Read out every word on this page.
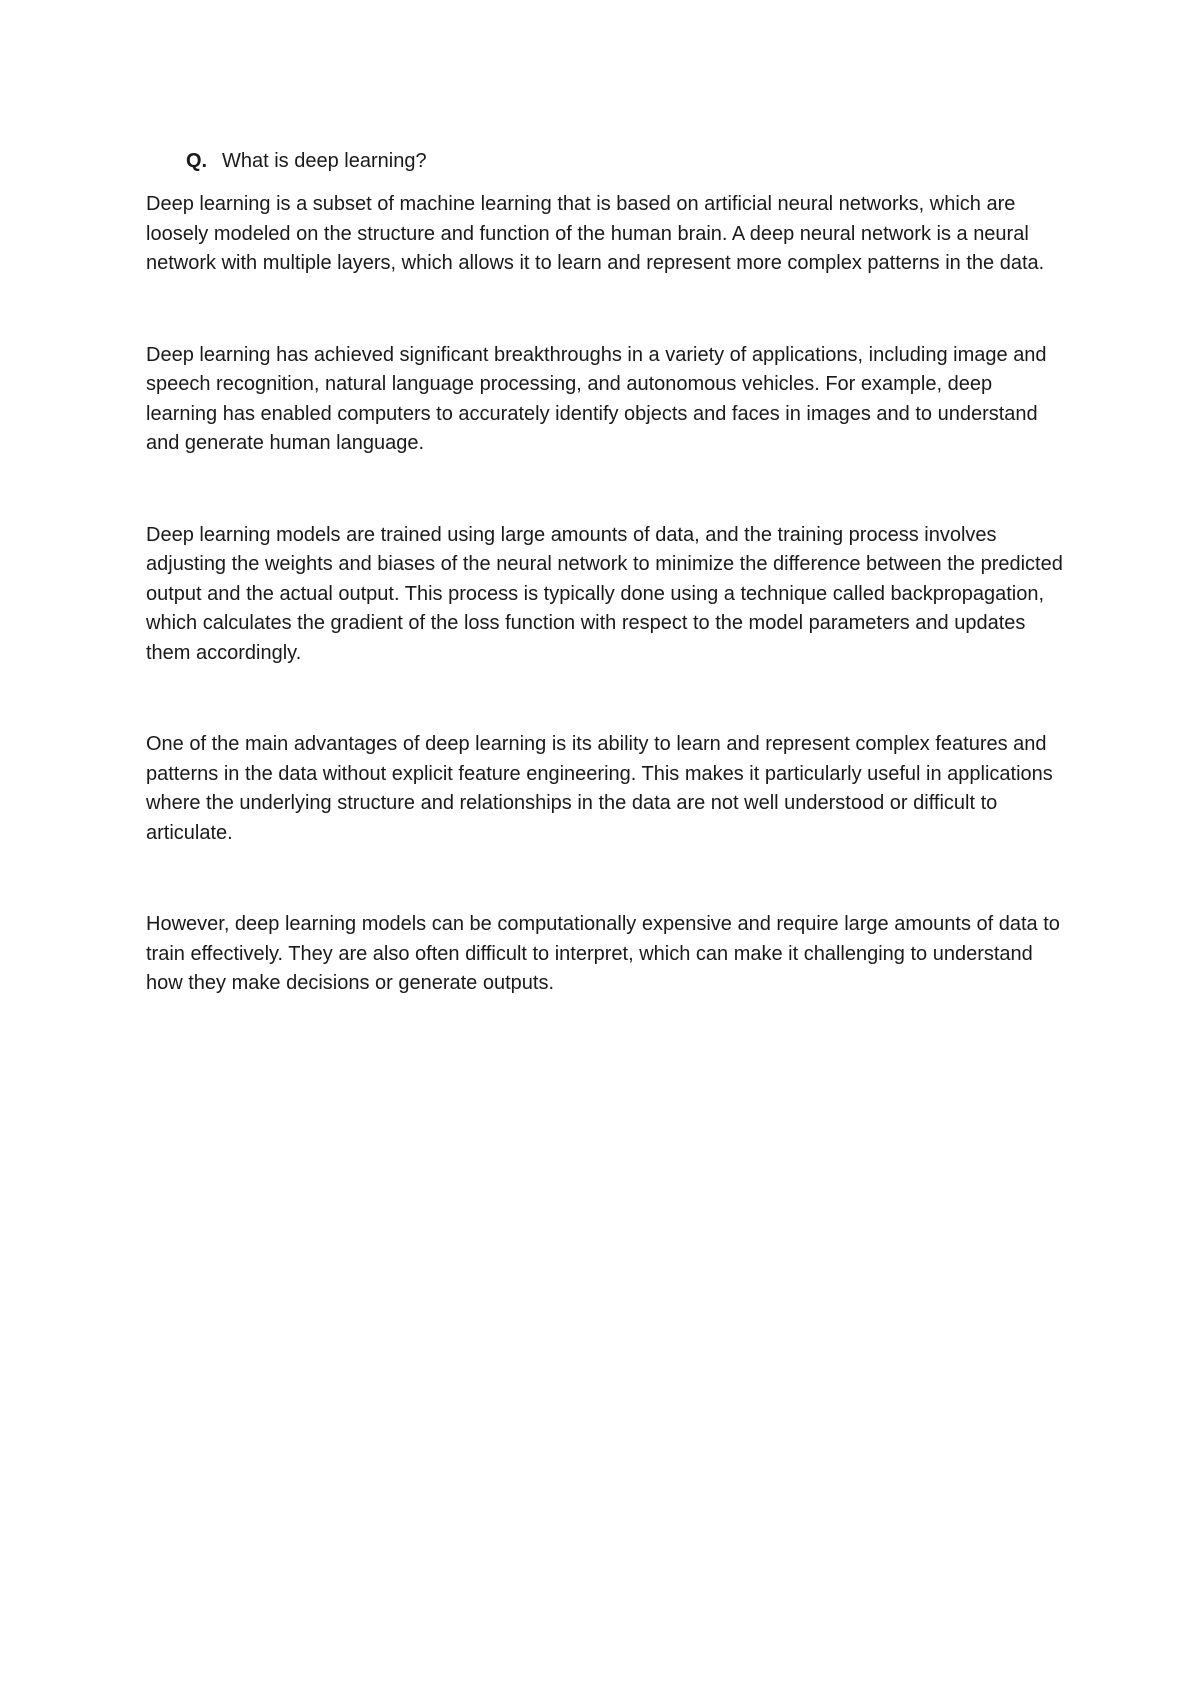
Q. What is deep learning?

Deep learning is a subset of machine learning that is based on artificial neural networks, which are loosely modeled on the structure and function of the human brain. A deep neural network is a neural network with multiple layers, which allows it to learn and represent more complex patterns in the data.

Deep learning has achieved significant breakthroughs in a variety of applications, including image and speech recognition, natural language processing, and autonomous vehicles. For example, deep learning has enabled computers to accurately identify objects and faces in images and to understand and generate human language.

Deep learning models are trained using large amounts of data, and the training process involves adjusting the weights and biases of the neural network to minimize the difference between the predicted output and the actual output. This process is typically done using a technique called backpropagation, which calculates the gradient of the loss function with respect to the model parameters and updates them accordingly.

One of the main advantages of deep learning is its ability to learn and represent complex features and patterns in the data without explicit feature engineering. This makes it particularly useful in applications where the underlying structure and relationships in the data are not well understood or difficult to articulate.

However, deep learning models can be computationally expensive and require large amounts of data to train effectively. They are also often difficult to interpret, which can make it challenging to understand how they make decisions or generate outputs.
